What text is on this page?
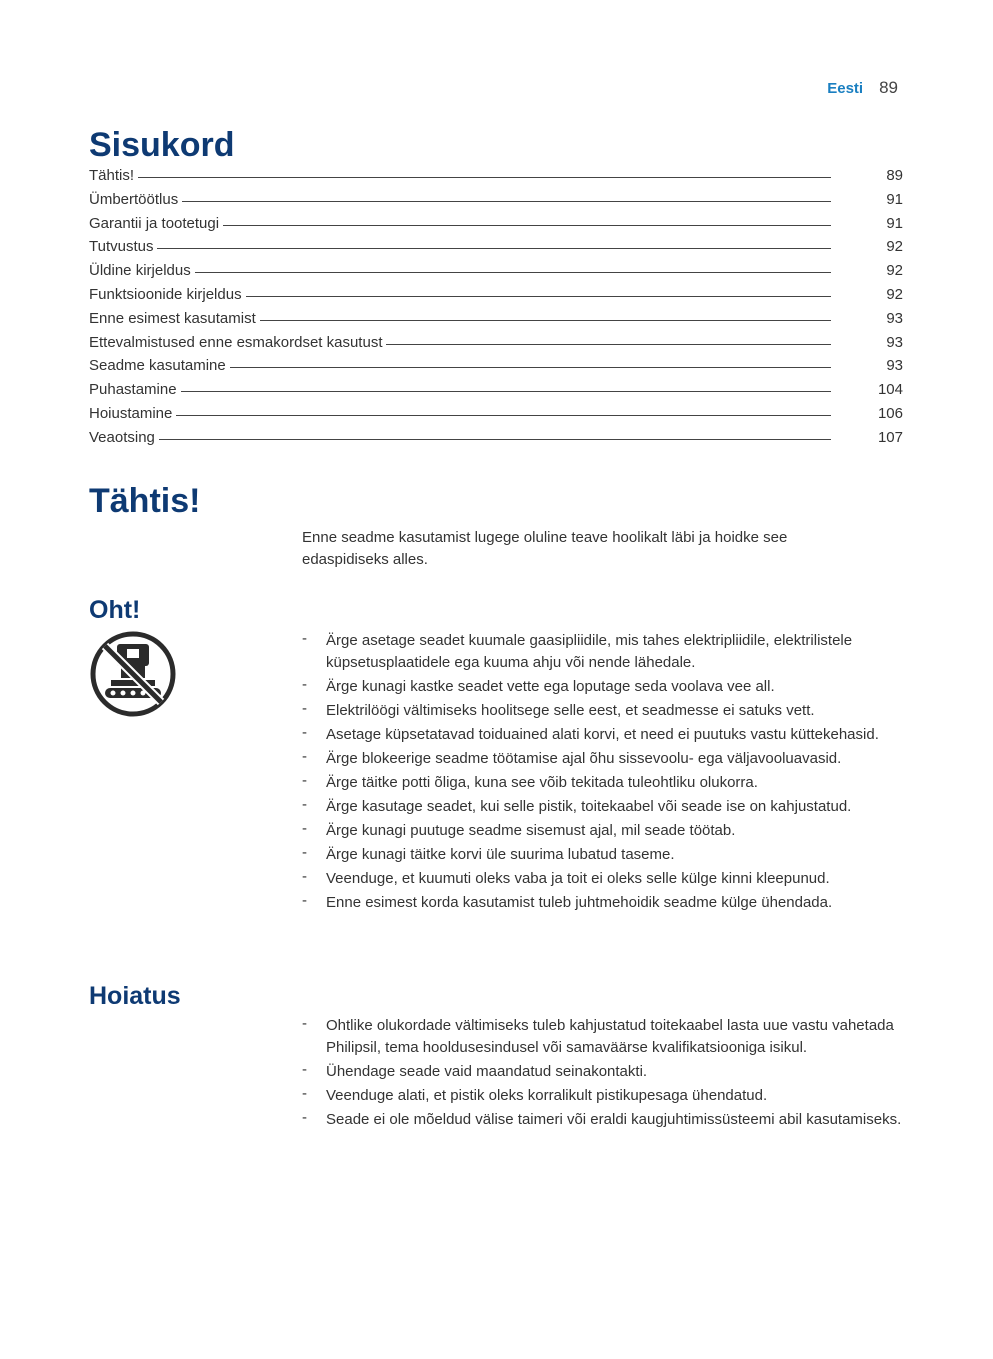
Eesti 89
Sisukord
Tähtis!	89
Ümbertöötlus	91
Garantii ja tootetugi	91
Tutvustus	92
Üldine kirjeldus	92
Funktsioonide kirjeldus	92
Enne esimest kasutamist	93
Ettevalmistused enne esmakordset kasutust	93
Seadme kasutamine	93
Puhastamine	104
Hoiustamine	106
Veaotsing	107
Tähtis!

Enne seadme kasutamist lugege oluline teave hoolikalt läbi ja hoidke see edaspidiseks alles.

Oht!
- Ärge asetage seadet kuumale gaasipliidile, mis tahes elektripliidile, elektrilistele küpsetusplaatidele ega kuuma ahju või nende lähedale.
- Ärge kunagi kastke seadet vette ega loputage seda voolava vee all.
- Elektrilöögi vältimiseks hoolitsege selle eest, et seadmesse ei satuks vett.
- Asetage küpsetatavad toiduained alati korvi, et need ei puutuks vastu küttekehasid.
- Ärge blokeerige seadme töötamise ajal õhu sissevoolu- ega väljavooluavasid.
- Ärge täitke potti õliga, kuna see võib tekitada tuleohtliku olukorra.
- Ärge kasutage seadet, kui selle pistik, toitekaabel või seade ise on kahjustatud.
- Ärge kunagi puutuge seadme sisemust ajal, mil seade töötab.
- Ärge kunagi täitke korvi üle suurima lubatud taseme.
- Veenduge, et kuumuti oleks vaba ja toit ei oleks selle külge kinni kleepunud.
- Enne esimest korda kasutamist tuleb juhtmehoidik seadme külge ühendada.
Hoiatus
- Ohtlike olukordade vältimiseks tuleb kahjustatud toitekaabel lasta uue vastu vahetada Philipsil, tema hooldusesindusel või samaväärse kvalifikatsiooniga isikul.
- Ühendage seade vaid maandatud seinakontakti.
- Veenduge alati, et pistik oleks korralikult pistikupesaga ühendatud.
- Seade ei ole mõeldud välise taimeri või eraldi kaugjuhtimissüsteemi abil kasutamiseks.
